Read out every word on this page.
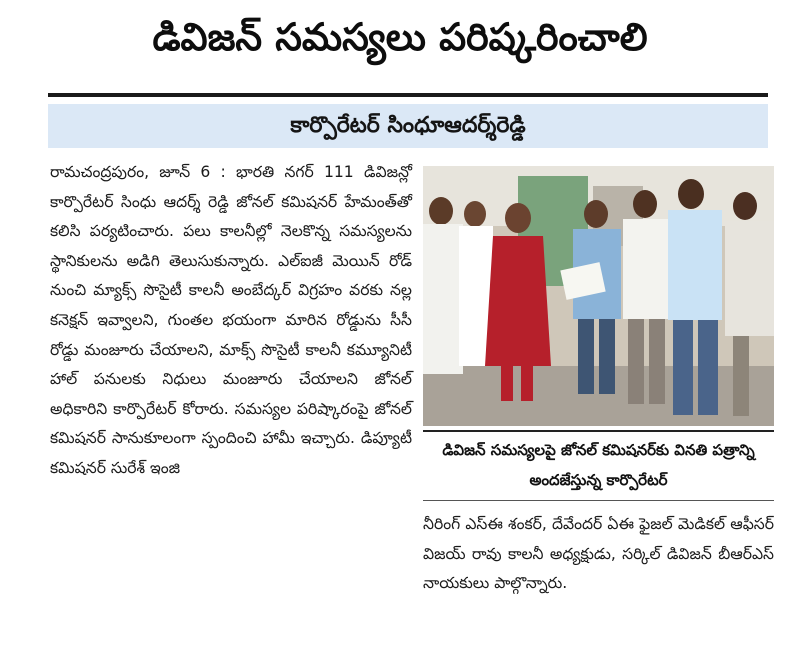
డివిజన్ సమస్యలు పరిష్కరించాలి
కార్పొరేటర్ సింధూఆదర్శ్‌రెడ్డి

రామచంద్రపురం, జూన్ 6 : భారతి నగర్ 111 డివిజన్లో కార్పొరేటర్ సింధు ఆదర్శ్ రెడ్డి జోనల్ కమిషనర్ హేమంత్‌తో కలిసి పర్యటించారు. పలు కాలనీల్లో నెలకొన్న సమస్యలను స్థానికులను అడిగి తెలుసుకున్నారు. ఎల్ఐజీ మెయిన్ రోడ్ నుంచి మ్యాక్స్ సొసైటీ కాలనీ అంబేద్కర్ విగ్రహం వరకు నల్ల కనెక్షన్ ఇవ్వాలని, గుంతల భయంగా మారిన రోడ్డును సీసీ రోడ్డు మంజూరు చేయాలని, మాక్స్ సొసైటీ కాలనీ కమ్యూనిటీ హాల్ పనులకు నిధులు మంజూరు చేయాలని జోనల్ అధికారిని కార్పొరేటర్ కోరారు. సమస్యల పరిష్కారంపై జోనల్ కమిషనర్ సానుకూలంగా స్పందించి హామీ ఇచ్చారు. డిప్యూటీ కమిషనర్ సురేశ్ ఇంజి

డివిజన్ సమస్యలపై జోనల్ కమిషనర్‌కు వినతి పత్రాన్ని అందజేస్తున్న కార్పొరేటర్

నీరింగ్ ఎస్ఈ శంకర్, దేవేందర్ ఏఈ ఫైజల్ మెడికల్ ఆఫీసర్ విజయ్ రావు కాలనీ అధ్యక్షుడు, సర్కిల్ డివిజన్ బీఆర్ఎస్ నాయకులు పాల్గొన్నారు.
